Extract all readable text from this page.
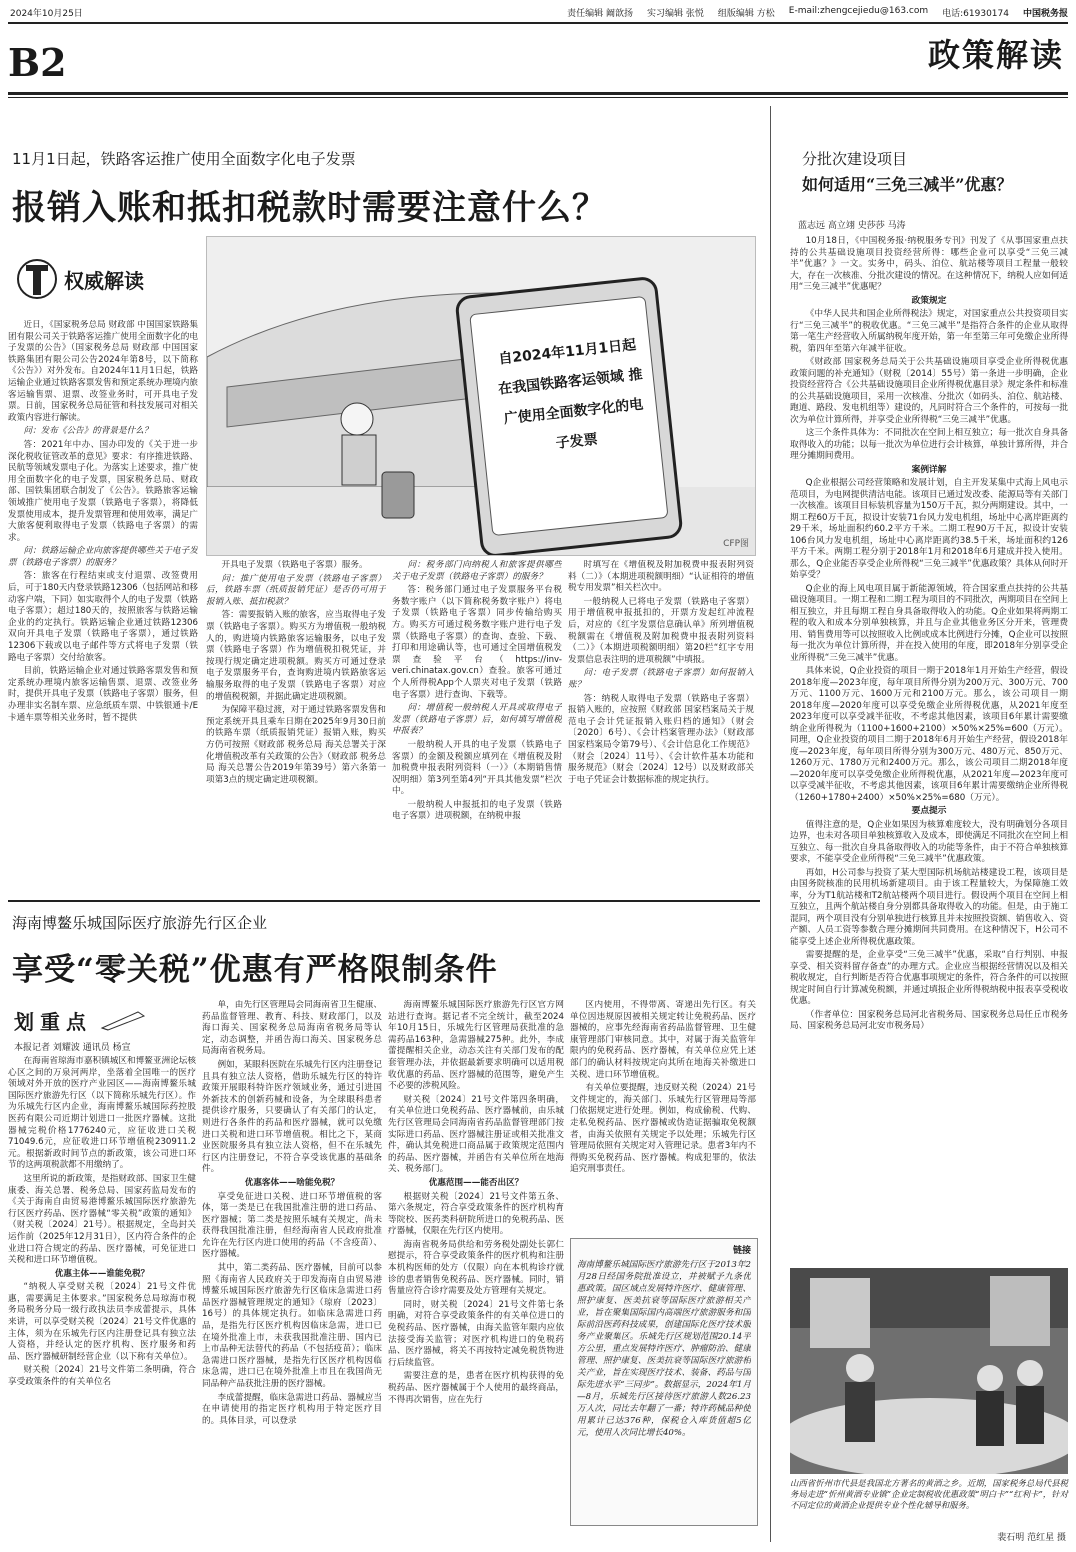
2024年10月25日	责任编辑 阚歆扬 实习编辑 张悦 组版编辑 方松 E-mail:zhengcejiedu@163.com 电话:61930174 中国税务报
B2	政策解读
11月1日起，铁路客运推广使用全面数字化电子发票
报销入账和抵扣税款时需要注意什么？
权威解读
自2024年11月1日起 在我国铁路客运领域 推广使用全面数字化的电子发票
CFP图

近日，《国家税务总局 财政部 中国国家铁路集团有限公司关于铁路客运推广使用全面数字化的电子发票的公告》（国家税务总局 财政部 中国国家铁路集团有限公司公告2024年第8号，以下简称《公告》）对外发布。自2024年11月1日起，铁路运输企业通过铁路客票发售和预定系统办理境内旅客运输售票、退票、改签业务时，可开具电子发票。日前，国家税务总局征管和科技发展司对相关政策内容进行解读。

问：发布《公告》的背景是什么？

答：2021年中办、国办印发的《关于进一步深化税收征管改革的意见》要求：有序推进铁路、民航等领域发票电子化。为落实上述要求，推广使用全面数字化的电子发票，国家税务总局、财政部、国铁集团联合制发了《公告》。铁路旅客运输领域推广使用电子发票（铁路电子客票），将降低发票使用成本，提升发票管理和使用效率，满足广大旅客便利取得电子发票（铁路电子客票）的需求。

问：铁路运输企业向旅客提供哪些关于电子发票（铁路电子客票）的服务？

答：旅客在行程结束或支付退票、改签费用后，可于180天内登录铁路12306（包括网站和移动客户端，下同）如实取得个人的电子发票（铁路电子客票）；超过180天的，按照旅客与铁路运输企业的约定执行。铁路运输企业通过铁路12306双向开具电子发票（铁路电子客票），通过铁路12306下载或以电子邮件等方式将电子发票（铁路电子客票）交付给旅客。

目前，铁路运输企业对通过铁路客票发售和预定系统办理境内旅客运输售票、退票、改签业务时，提供开具电子发票（铁路电子客票）服务，但办理非实名制车票、应急纸质车票、中铁银通卡/E卡通车票等相关业务时，暂不提供

开具电子发票（铁路电子客票）服务。

问：推广使用电子发票（铁路电子客票）后，铁路车票（纸质报销凭证）是否仍可用于报销入账、抵扣税款？

答：需要报销入账的旅客，应当取得电子发票（铁路电子客票）。购买方为增值税一般纳税人的，购进境内铁路旅客运输服务，以电子发票（铁路电子客票）作为增值税扣税凭证，并按现行规定确定进项税额。购买方可通过登录电子发票服务平台，查询购进境内铁路旅客运输服务取得的电子发票（铁路电子客票）对应的增值税税额，并据此确定进项税额。

为保障平稳过渡，对于通过铁路客票发售和预定系统开具且乘车日期在2025年9月30日前的铁路车票（纸质报销凭证）报销入账，购买方仍可按照《财政部 税务总局 海关总署关于深化增值税改革有关政策的公告》（财政部 税务总局 海关总署公告2019年第39号）第六条第一项第3点的规定确定进项税额。

问：税务部门向纳税人和旅客提供哪些关于电子发票（铁路电子客票）的服务？

答：税务部门通过电子发票服务平台税务数字账户（以下简称税务数字账户）将电子发票（铁路电子客票）同步传输给购买方。购买方可通过税务数字账户进行电子发票（铁路电子客票）的查询、查验、下载、打印和用途确认等，也可通过全国增值税发票查验平台（https://inv-veri.chinatax.gov.cn）查验。旅客可通过个人所得税App个人票夹对电子发票（铁路电子客票）进行查询、下载等。

问：增值税一般纳税人开具或取得电子发票（铁路电子客票）后，如何填写增值税申报表？

一般纳税人开具的电子发票（铁路电子客票）的金额及税额应填列在《增值税及附加税费申报表附列资料（一）》（本期销售情况明细）第3列至第4列“开具其他发票”栏次中。

一般纳税人申报抵扣的电子发票（铁路电子客票）进项税额，在纳税申报

时填写在《增值税及附加税费申报表附列资料（二）》（本期进项税额明细）“认证相符的增值税专用发票”相关栏次中。

一般纳税人已将电子发票（铁路电子客票）用于增值税申报抵扣的，开票方发起红冲流程后，对应的《红字发票信息确认单》所列增值税税额需在《增值税及附加税费申报表附列资料（二）》（本期进项税额明细）第20栏“红字专用发票信息表注明的进项税额”中填报。

问：电子发票（铁路电子客票）如何报销入账？

答：纳税人取得电子发票（铁路电子客票）报销入账的，应按照《财政部 国家档案局关于规范电子会计凭证报销入账归档的通知》（财会〔2020〕6号）、《会计档案管理办法》（财政部 国家档案局令第79号）、《会计信息化工作规范》（财会〔2024〕11号）、《会计软件基本功能和服务规范》（财会〔2024〕12号）以及财政部关于电子凭证会计数据标准的规定执行。

海南博鳌乐城国际医疗旅游先行区企业
享受“零关税”优惠有严格限制条件
划重点
本报记者 刘耀波 通讯员 杨宣

在海南省琼海市嘉积镇城区和博鳌亚洲论坛核心区之间的万泉河两岸，坐落着全国唯一的医疗领域对外开放的医疗产业园区——海南博鳌乐城国际医疗旅游先行区（以下简称乐城先行区）。作为乐城先行区内企业，海南博鳌乐城国际药控股医药有限公司近期计划进口一批医疗器械。这批器械完税价格1776240元，应征收进口关税71049.6元，应征收进口环节增值税230911.2元。根据新政时间节点的新政策，该公司进口环节的这两项税款都不用缴纳了。

这里所说的新政策，是指财政部、国家卫生健康委、海关总署、税务总局、国家药监局发布的《关于海南自由贸易港博鳌乐城国际医疗旅游先行区医疗药品、医疗器械“零关税”政策的通知》（财关税〔2024〕21号）。根据规定，全岛封关运作前（2025年12月31日），区内符合条件的企业进口符合规定的药品、医疗器械，可免征进口关税和进口环节增值税。

优惠主体——谁能免税？

“纳税人享受财关税〔2024〕21号文件优惠，需要满足主体要求。”国家税务总局琼海市税务局税务分局一级行政执法员李成蕾提示，具体来讲，可以享受财关税〔2024〕21号文件优惠的主体，须为在乐城先行区内注册登记具有独立法人资格，并经认定的医疗机构、医疗服务和药品、医疗器械研制经营企业（以下称有关单位）。

财关税〔2024〕21号文件第二条明确，符合享受政策条件的有关单位名

单，由先行区管理局会同海南省卫生健康、药品监督管理、教育、科技、财政部门，以及海口海关、国家税务总局海南省税务局等认定，动态调整，并函告海口海关、国家税务总局海南省税务局。

例如，某眼科医院在乐城先行区内注册登记且具有独立法人资格，借助乐城先行区的特许政策开展眼科特许医疗领域业务，通过引进国外新技术的创新药械和设备，为全球眼科患者提供诊疗服务，只要确认了有关部门的认定，则进行各条件的药品和医疗器械，就可以免缴进口关税和进口环节增值税。相比之下，某商业医院服务具有独立法人资格，但不在乐城先行区内注册登记，不符合享受该优惠的基础条件。

优惠客体——啥能免税？

享受免征进口关税、进口环节增值税的客体，第一类是已在我国批准注册的进口药品、医疗器械；第二类是按照乐城有关规定，尚未获得我国批准注册，但经海南省人民政府批准允许在先行区内进口使用的药品（不含疫苗）、医疗器械。

其中，第二类药品、医疗器械，目前可以参照《海南省人民政府关于印发海南自由贸易港博鳌乐城国际医疗旅游先行区临床急需进口药品医疗器械管理规定的通知》（琼府〔2023〕16号）的具体规定执行。如临床急需进口药品，是指先行区医疗机构因临床急需，进口已在境外批准上市，未获我国批准注册、国内已上市品种无法替代的药品（不包括疫苗）；临床急需进口医疗器械，是指先行区医疗机构因临床急需，进口已在境外批准上市且在我国尚无同品种产品获批注册的医疗器械。

李成蕾提醒，临床急需进口药品、器械应当在申请使用的指定医疗机构用于特定医疗目的。具体目录，可以登录

海南博鳌乐城国际医疗旅游先行区官方网站进行查询。据记者不完全统计，截至2024年10月15日，乐城先行区管理局获批准的急需药品163种，急需器械275种。此外，李成蕾提醒相关企业，动态关注有关部门发布的配套管理办法，并依据最新要求明确可以适用税收优惠的药品、医疗器械的范围等，避免产生不必要的涉税风险。

财关税〔2024〕21号文件第四条明确，有关单位进口免税药品、医疗器械前，由乐城先行区管理局会同海南省药品监督管理部门按实际进口药品、医疗器械注册证或相关批准文件，确认其免税进口商品属于政策规定范围内的药品、医疗器械，并函告有关单位所在地海关、税务部门。

优惠范围——能否出区？

根据财关税〔2024〕21号文件第五条、第六条规定，符合享受政策条件的医疗机构育等院校、医药类科研院所进口的免税药品、医疗器械，仅限在先行区内使用。

海南省税务局供给和劳务税处副处长郭仁慰提示，符合享受政策条件的医疗机构和注册本机构医师的处方（仅限）向在本机构诊疗就诊的患者销售免税药品、医疗器械。同时，销售量应符合诊疗需要及处方管理有关规定。

同时，财关税〔2024〕21号文件第七条明确，对符合享受政策条件的有关单位进口的免税药品、医疗器械，由海关监管年限内应依法接受海关监管；对医疗机构进口的免税药品、医疗器械，将关不再按特定减免税货物进行后续监管。

需要注意的是，患者在医疗机构获得的免税药品、医疗器械属于个人使用的最终商品，不得再次销售，应在先行

区内使用，不得带离、寄递出先行区。有关单位因违规原因被相关规定转让免税药品、医疗器械的，应事先经海南省药品监督管理、卫生健康管理部门审核同意。其中，对属于海关监管年限内的免税药品、医疗器械，有关单位应凭上述部门的确认材料按规定向其所在地海关补缴进口关税、进口环节增值税。

有关单位要提醒，违反财关税（2024）21号文件规定的，海关部门、乐城先行区管理局等部门依据规定进行处理。例如，构成偷税、代购、走私免税药品、医疗器械或伪造证据骗取免税额者，由海关依照有关规定予以处理；乐城先行区管理局依照有关规定对入管理记录。患者3年内不得购买免税药品、医疗器械。构成犯罪的，依法追究刑事责任。

链接
海南博鳌乐城国际医疗旅游先行区于2013年2月28日经国务院批准设立，并被赋予九条优惠政策。国区域点发展特许医疗、健康管理、照护康复、医美抗衰等国际医疗旅游相关产业，旨在聚集国际国内高端医疗旅游服务和国际前沿医药科技成果，创建国际化医疗技术服务产业聚集区。乐城先行区规划范围20.14平方公里，重点发展特许医疗、肿瘤防治、健康管理、照护康复、医美抗衰等国际医疗旅游相关产业，旨在实现医疗技术、装备、药品与国际先进水平“三同步”。数据显示，2024年1月—8月，乐城先行区接待医疗旅游人数26.23万人次，同比去年翻了一番；特许药械品种使用累计已达376种，保税仓入库货值超5亿元，使用人次同比增长40%。
分批次建设项目
如何适用“三免三减半”优惠？
蓝志远 高立翊 史莎莎 马涛

10月18日，《中国税务报·纳税服务专刊》刊发了《从事国家重点扶持的公共基础设施项目投资经营所得：哪些企业可以享受“三免三减半”优惠？》一文。实务中，码头、泊位、航站楼等项目工程量一般较大，存在一次核准、分批次建设的情况。在这种情况下，纳税人应如何适用“三免三减半”优惠呢？

政策规定

《中华人民共和国企业所得税法》规定，对国家重点公共投资项目实行“三免三减半”的税收优惠。“三免三减半”是指符合条件的企业从取得第一笔生产经营收入所属纳税年度开始，第一年至第三年可免缴企业所得税，第四年至第六年减半征收。

《财政部 国家税务总局关于公共基础设施项目享受企业所得税优惠政策问题的补充通知》（财税〔2014〕55号）第一条进一步明确，企业投资经营符合《公共基础设施项目企业所得税优惠目录》规定条件和标准的公共基础设施项目，采用一次核准、分批次（如码头、泊位、航站楼、跑道、路段、发电机组等）建设的，凡同时符合三个条件的，可按每一批次为单位计算所得，并享受企业所得税“三免三减半”优惠。

这三个条件具体为：不同批次在空间上相互独立；每一批次自身具备取得收入的功能；以每一批次为单位进行会计核算，单独计算所得，并合理分摊期间费用。

案例详解

Q企业根据公司经营策略和发展计划，自主开发某集中式海上风电示范项目，为电网提供清洁电能。该项目已通过发改委、能源局等有关部门一次核准。该项目目标装机容量为150万千瓦，拟分两期建设。其中，一期工程60万千瓦，拟设计安装71台风力发电机组，场址中心离岸距离约29千米，场址面积约60.2平方千米。二期工程90万千瓦，拟设计安装106台风力发电机组，场址中心离岸距离约38.5千米，场址面积约126平方千米。两期工程分别于2018年1月和2018年6月建成并投入使用。那么，Q企业能否享受企业所得税“三免三减半”优惠政策？具体从何时开始享受？

Q企业的海上风电项目属于新能源领域，符合国家重点扶持的公共基础设施项目。一期工程和二期工程为项目的不同批次，两期项目在空间上相互独立，并且每期工程自身具备取得收入的功能。Q企业如果将两期工程的收入和成本分别单独核算，并且与企业其他业务区分开来，管理费用、销售费用等可以按照收入比例或成本比例进行分摊，Q企业可以按照每一批次为单位计算所得，并在投入使用的年度，即2018年分别享受企业所得税“三免三减半”优惠。

具体来说，Q企业投资的项目一期于2018年1月开始生产经营，假设2018年度—2023年度，每年项目所得分别为200万元、300万元、700万元、1100万元、1600万元和2100万元。那么，该公司项目一期2018年度—2020年度可以享受免缴企业所得税优惠，从2021年度至2023年度可以享受减半征收，不考虑其他因素，该项目6年累计需要缴纳企业所得税为（1100+1600+2100）×50%×25%=600（万元）。同理，Q企业投资的项目二期于2018年6月开始生产经营，假设2018年度—2023年度，每年项目所得分别为300万元、480万元、850万元、1260万元、1780万元和2400万元。那么，该公司项目二期2018年度—2020年度可以享受免缴企业所得税优惠，从2021年度—2023年度可以享受减半征收，不考虑其他因素，该项目6年累计需要缴纳企业所得税（1260+1780+2400）×50%×25%=680（万元）。

要点提示

值得注意的是，Q企业如果因为核算难度较大，没有明确划分各项目边界，也未对各项目单独核算收入及成本，即使满足不同批次在空间上相互独立、每一批次自身具备取得收入的功能等条件，由于不符合单独核算要求，不能享受企业所得税“三免三减半”优惠政策。

再如，H公司参与投资了某大型国际机场航站楼建设工程，该项目是由国务院核准的民用机场新建项目。由于该工程量较大，为保障施工效率，分为T1航站楼和T2航站楼两个项目进行。假设两个项目在空间上相互独立，且两个航站楼自身分别都具备取得收入的功能。但是，由于施工混同，两个项目没有分别单独进行核算且并未按照投资额、销售收入、资产额、人员工资等参数合理分摊期间共同费用。在这种情况下，H公司不能享受上述企业所得税优惠政策。

需要提醒的是，企业享受“三免三减半”优惠，采取“自行判别、申报享受、相关资料留存备查”的办理方式。企业应当根据经营情况以及相关税收规定，自行判断是否符合优惠事项规定的条件，符合条件的可以按照规定时间自行计算减免税额，并通过填报企业所得税纳税申报表享受税收优惠。

（作者单位：国家税务总局河北省税务局、国家税务总局任丘市税务局、国家税务总局河北安市税务局）

山西省忻州市代县是我国北方著名的黄酒之乡。近期，国家税务总局代县税务局走进“忻州黄酒专业镇”企业定制税收优惠政策“明白卡”“红利卡”，针对不同定位的黄酒企业提供专业个性化辅导和服务。
裴石明 范红星 摄
